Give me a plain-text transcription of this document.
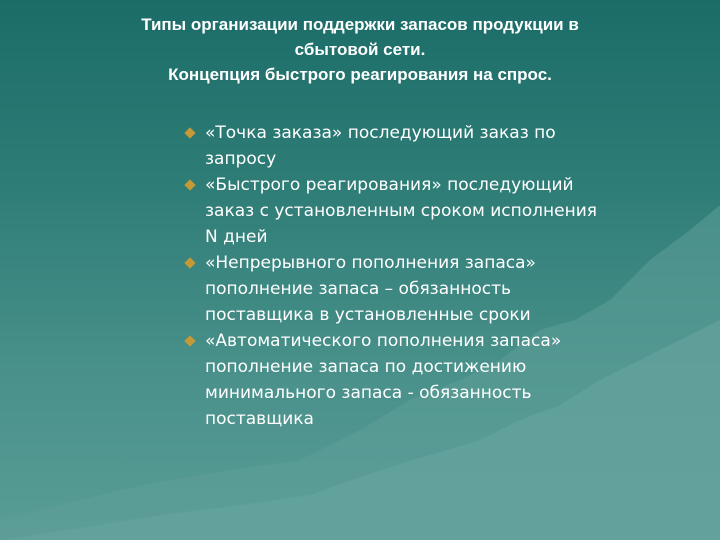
Типы организации поддержки запасов продукции в
сбытовой сети.
Концепция быстрого реагирования на спрос.
«Точка заказа» последующий заказ по
запросу
«Быстрого реагирования» последующий
заказ с установленным сроком исполнения
N дней
«Непрерывного пополнения запаса»
пополнение запаса – обязанность
поставщика в установленные сроки
«Автоматического пополнения запаса»
пополнение запаса по достижению
минимального запаса - обязанность
поставщика
